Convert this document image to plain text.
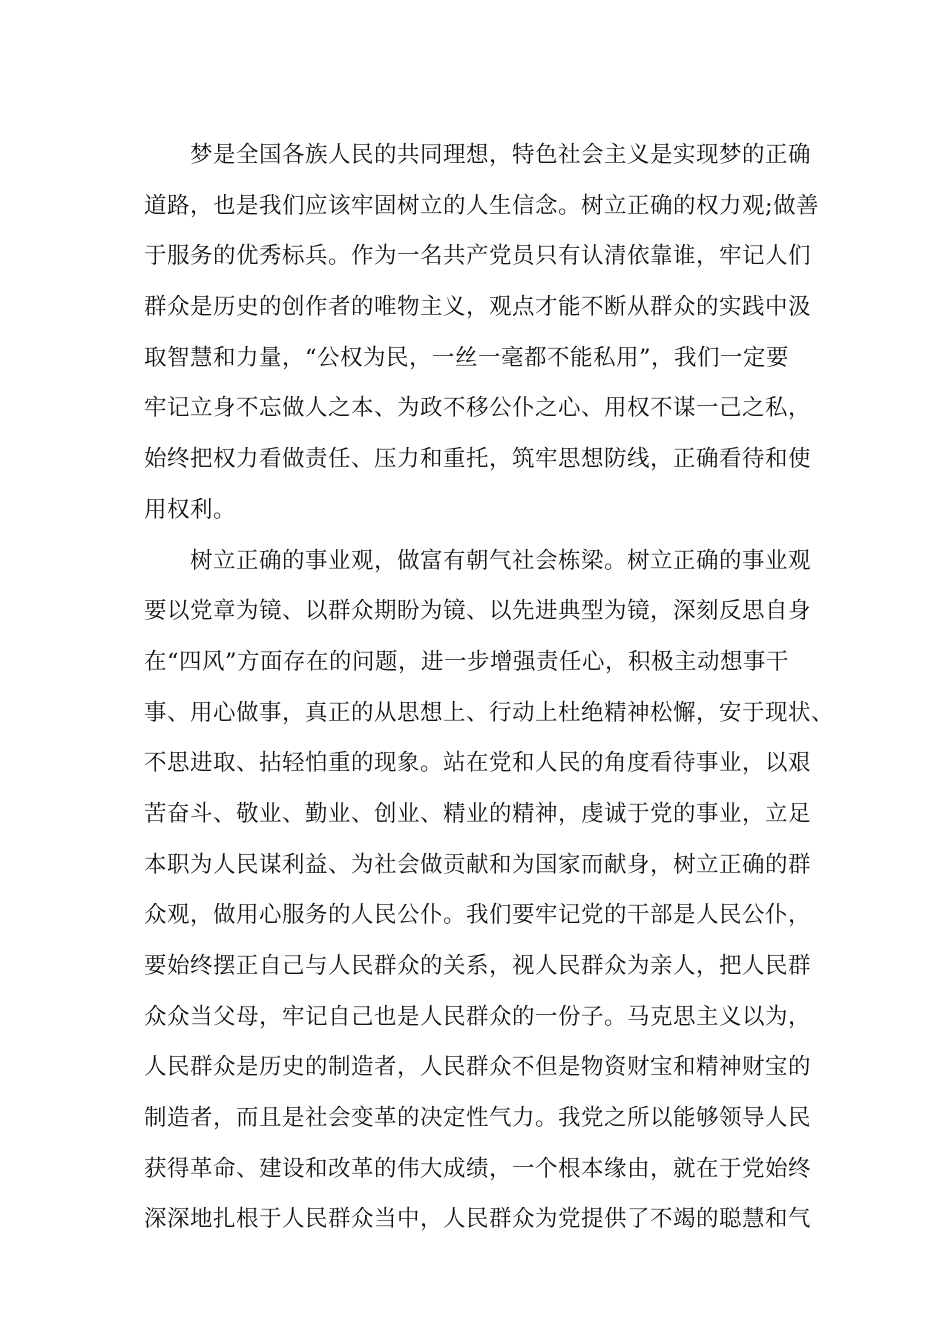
梦是全国各族人民的共同理想，特色社会主义是实现梦的正确
道路，也是我们应该牢固树立的人生信念。树立正确的权力观;做善
于服务的优秀标兵。作为一名共产党员只有认清依靠谁，牢记人们
群众是历史的创作者的唯物主义，观点才能不断从群众的实践中汲
取智慧和力量，“公权为民，一丝一毫都不能私用”，我们一定要
牢记立身不忘做人之本、为政不移公仆之心、用权不谋一己之私，
始终把权力看做责任、压力和重托，筑牢思想防线，正确看待和使
用权利。
树立正确的事业观，做富有朝气社会栋梁。树立正确的事业观
要以党章为镜、以群众期盼为镜、以先进典型为镜，深刻反思自身
在“四风”方面存在的问题，进一步增强责任心，积极主动想事干
事、用心做事，真正的从思想上、行动上杜绝精神松懈，安于现状、
不思进取、拈轻怕重的现象。站在党和人民的角度看待事业，以艰
苦奋斗、敬业、勤业、创业、精业的精神，虔诚于党的事业，立足
本职为人民谋利益、为社会做贡献和为国家而献身，树立正确的群
众观，做用心服务的人民公仆。我们要牢记党的干部是人民公仆，
要始终摆正自己与人民群众的关系，视人民群众为亲人，把人民群
众众当父母，牢记自己也是人民群众的一份子。马克思主义以为，
人民群众是历史的制造者，人民群众不但是物资财宝和精神财宝的
制造者，而且是社会变革的决定性气力。我党之所以能够领导人民
获得革命、建设和改革的伟大成绩，一个根本缘由，就在于党始终
深深地扎根于人民群众当中，人民群众为党提供了不竭的聪慧和气
